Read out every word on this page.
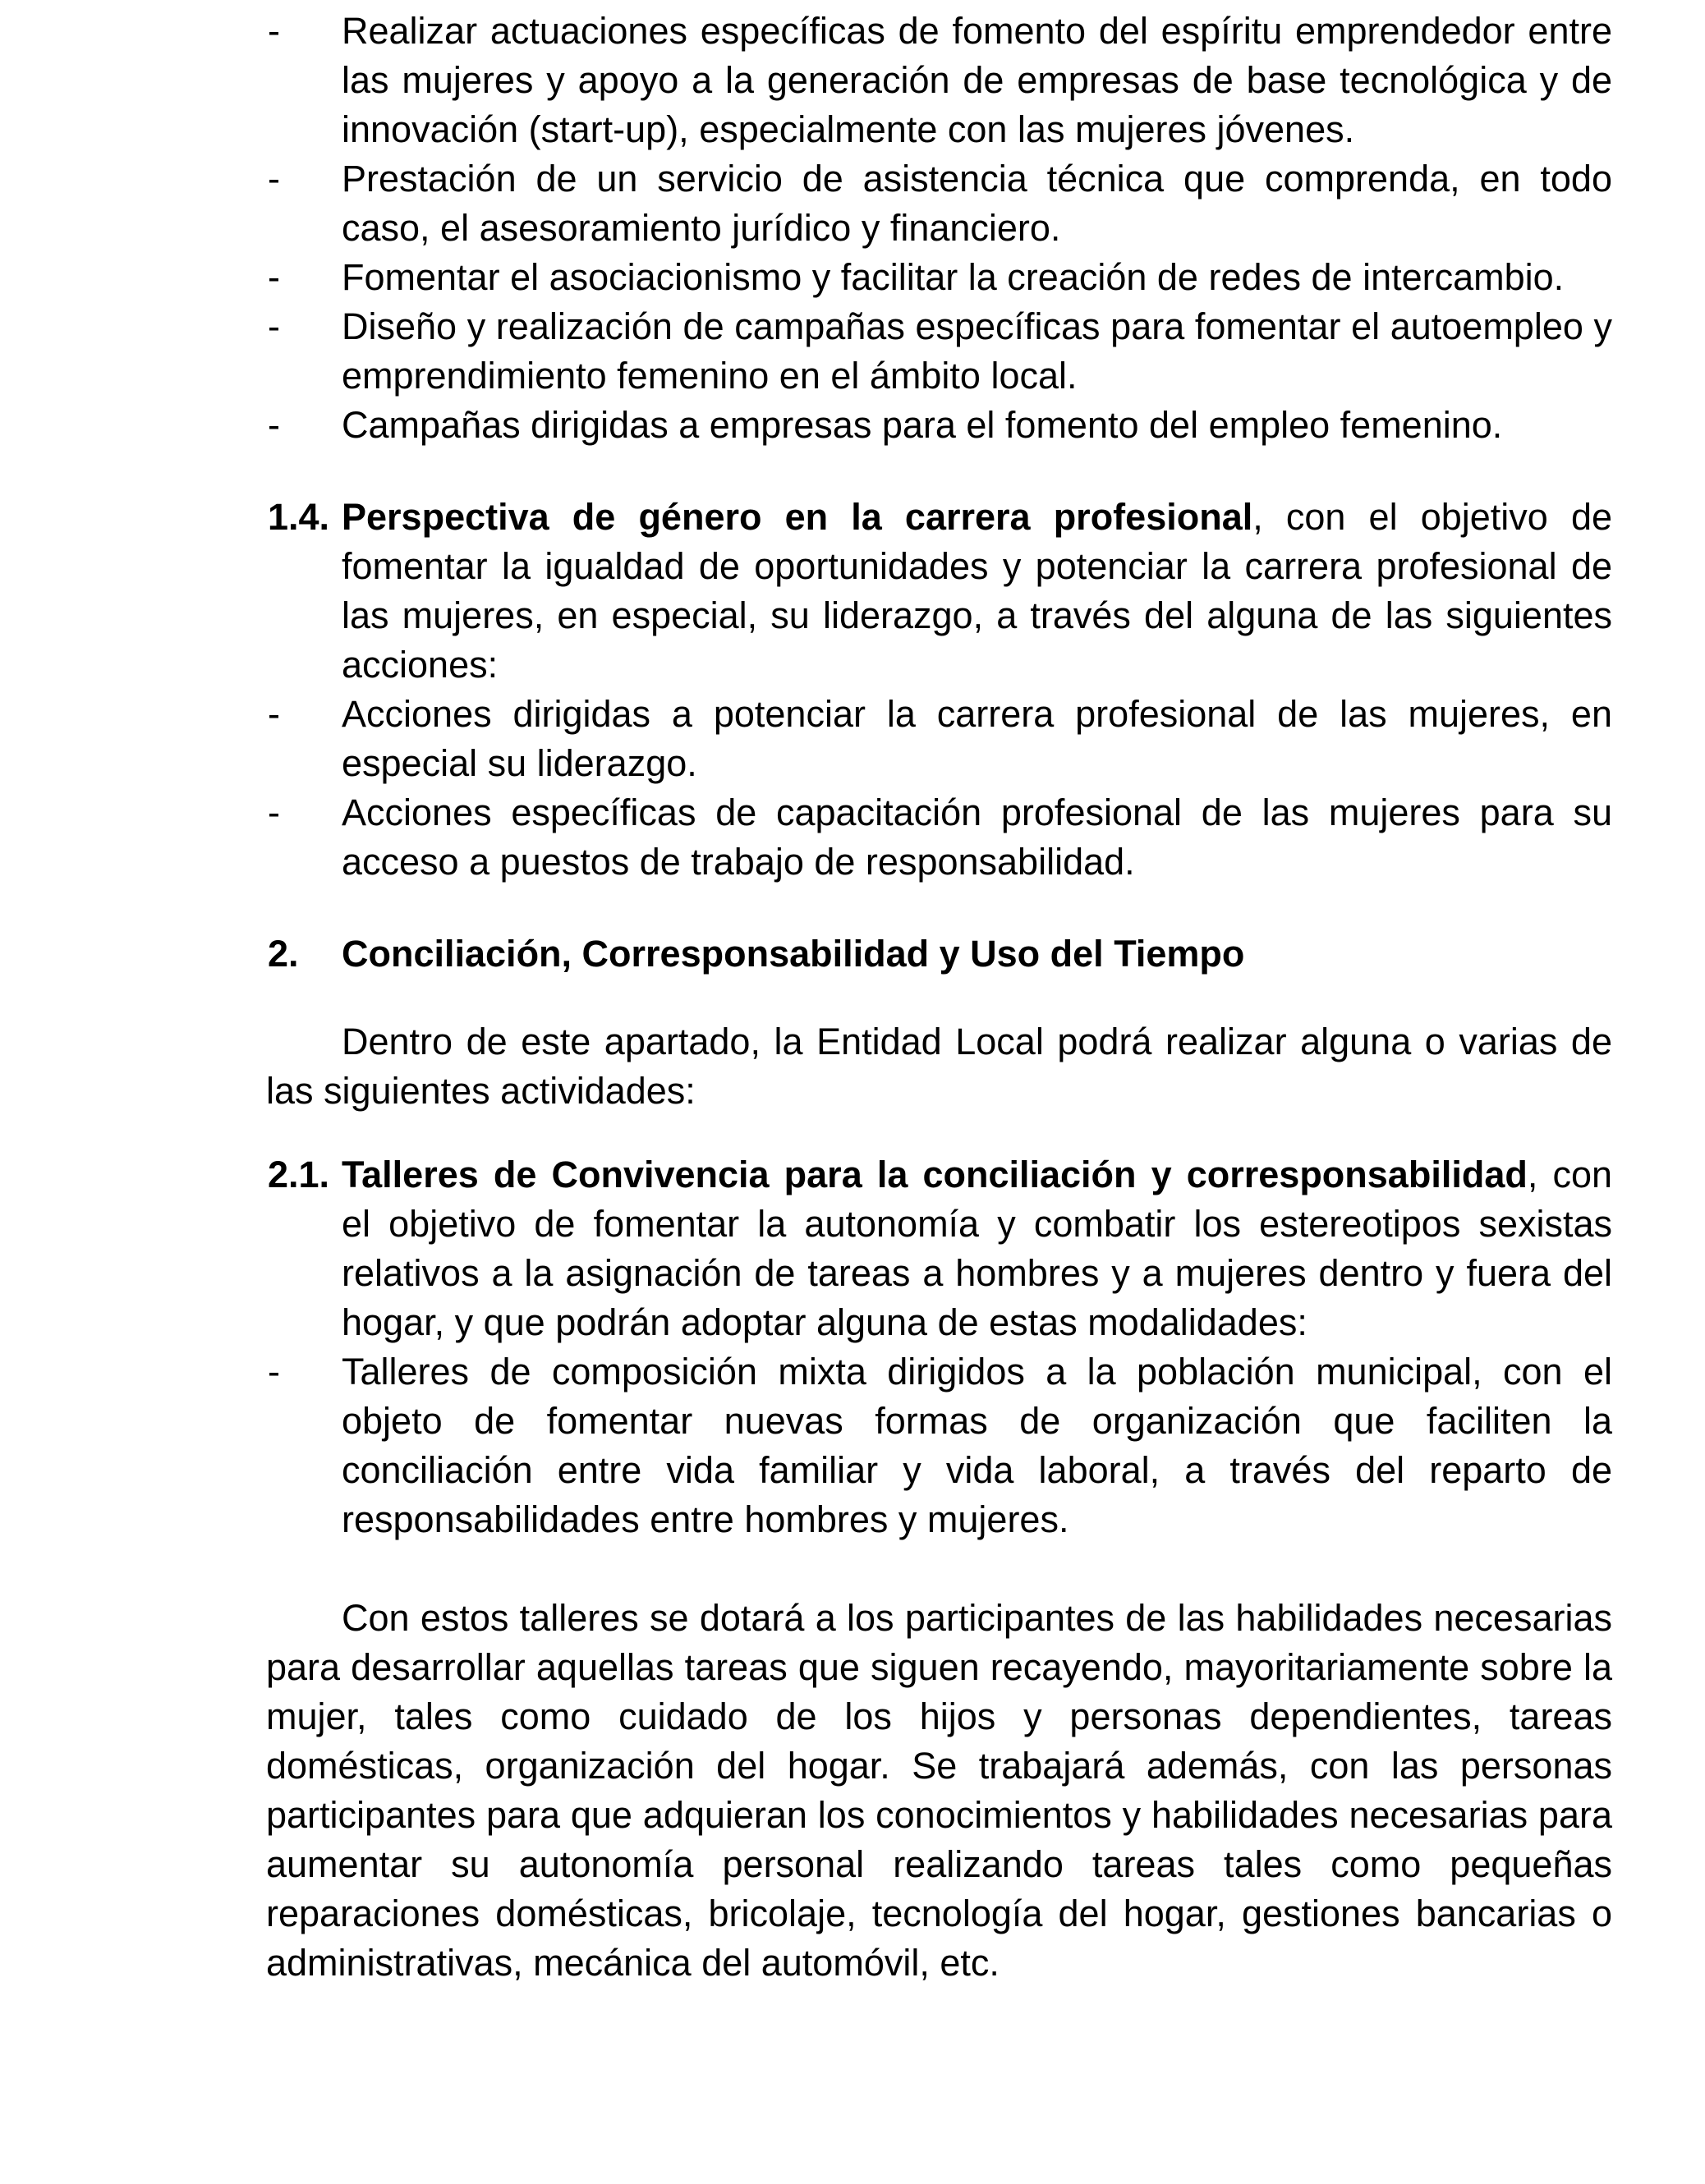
- Realizar actuaciones específicas de fomento del espíritu emprendedor entre las mujeres y apoyo a la generación de empresas de base tecnológica y de innovación (start-up), especialmente con las mujeres jóvenes.
- Prestación de un servicio de asistencia técnica que comprenda, en todo caso, el asesoramiento jurídico y financiero.
- Fomentar el asociacionismo y facilitar la creación de redes de intercambio.
- Diseño y realización de campañas específicas para fomentar el autoempleo y emprendimiento femenino en el ámbito local.
- Campañas dirigidas a empresas para el fomento del empleo femenino.
1.4. Perspectiva de género en la carrera profesional, con el objetivo de fomentar la igualdad de oportunidades y potenciar la carrera profesional de las mujeres, en especial, su liderazgo, a través del alguna de las siguientes acciones:
- Acciones dirigidas a potenciar la carrera profesional de las mujeres, en especial su liderazgo.
- Acciones específicas de capacitación profesional de las mujeres para su acceso a puestos de trabajo de responsabilidad.
2. Conciliación, Corresponsabilidad y Uso del Tiempo

Dentro de este apartado, la Entidad Local podrá realizar alguna o varias de las siguientes actividades:

2.1. Talleres de Convivencia para la conciliación y corresponsabilidad, con el objetivo de fomentar la autonomía y combatir los estereotipos sexistas relativos a la asignación de tareas a hombres y a mujeres dentro y fuera del hogar, y que podrán adoptar alguna de estas modalidades:
- Talleres de composición mixta dirigidos a la población municipal, con el objeto de fomentar nuevas formas de organización que faciliten la conciliación entre vida familiar y vida laboral, a través del reparto de responsabilidades entre hombres y mujeres.

Con estos talleres se dotará a los participantes de las habilidades necesarias para desarrollar aquellas tareas que siguen recayendo, mayoritariamente sobre la mujer, tales como cuidado de los hijos y personas dependientes, tareas domésticas, organización del hogar. Se trabajará además, con las personas participantes para que adquieran los conocimientos y habilidades necesarias para aumentar su autonomía personal realizando tareas tales como pequeñas reparaciones domésticas, bricolaje, tecnología del hogar, gestiones bancarias o administrativas, mecánica del automóvil, etc.
